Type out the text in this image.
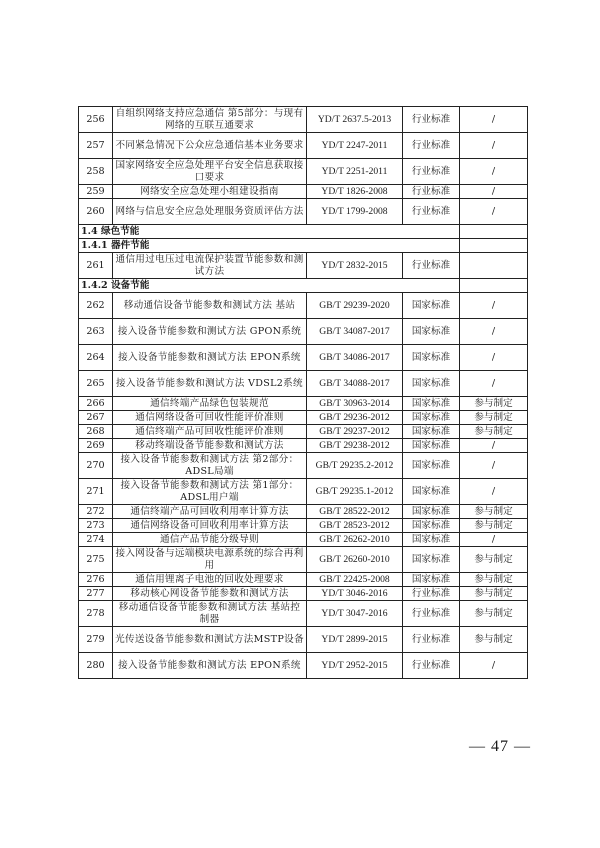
256	自组织网络支持应急通信 第5部分：与现有网络的互联互通要求	YD/T 2637.5-2013	行业标准	/
257	不同紧急情况下公众应急通信基本业务要求	YD/T 2247-2011	行业标准	/
258	国家网络安全应急处理平台安全信息获取接口要求	YD/T 2251-2011	行业标准	/
259	网络安全应急处理小组建设指南	YD/T 1826-2008	行业标准	/
260	网络与信息安全应急处理服务资质评估方法	YD/T 1799-2008	行业标准	/
1.4 绿色节能				
1.4.1 器件节能				
261	通信用过电压过电流保护装置节能参数和测试方法	YD/T 2832-2015	行业标准	
1.4.2 设备节能				
262	移动通信设备节能参数和测试方法 基站	GB/T 29239-2020	国家标准	/
263	接入设备节能参数和测试方法 GPON系统	GB/T 34087-2017	国家标准	/
264	接入设备节能参数和测试方法 EPON系统	GB/T 34086-2017	国家标准	/
265	接入设备节能参数和测试方法 VDSL2系统	GB/T 34088-2017	国家标准	/
266	通信终端产品绿色包装规范	GB/T 30963-2014	国家标准	参与制定
267	通信网络设备可回收性能评价准则	GB/T 29236-2012	国家标准	参与制定
268	通信终端产品可回收性能评价准则	GB/T 29237-2012	国家标准	参与制定
269	移动终端设备节能参数和测试方法	GB/T 29238-2012	国家标准	/
270	接入设备节能参数和测试方法 第2部分：ADSL局端	GB/T 29235.2-2012	国家标准	/
271	接入设备节能参数和测试方法 第1部分：ADSL用户端	GB/T 29235.1-2012	国家标准	/
272	通信终端产品可回收利用率计算方法	GB/T 28522-2012	国家标准	参与制定
273	通信网络设备可回收利用率计算方法	GB/T 28523-2012	国家标准	参与制定
274	通信产品节能分级导则	GB/T 26262-2010	国家标准	/
275	接入网设备与远端模块电源系统的综合再利用	GB/T 26260-2010	国家标准	参与制定
276	通信用锂离子电池的回收处理要求	GB/T 22425-2008	国家标准	参与制定
277	移动核心网设备节能参数和测试方法	YD/T 3046-2016	行业标准	参与制定
278	移动通信设备节能参数和测试方法 基站控制器	YD/T 3047-2016	行业标准	参与制定
279	光传送设备节能参数和测试方法MSTP设备	YD/T 2899-2015	行业标准	参与制定
280	接入设备节能参数和测试方法 EPON系统	YD/T 2952-2015	行业标准	/
— 47 —
